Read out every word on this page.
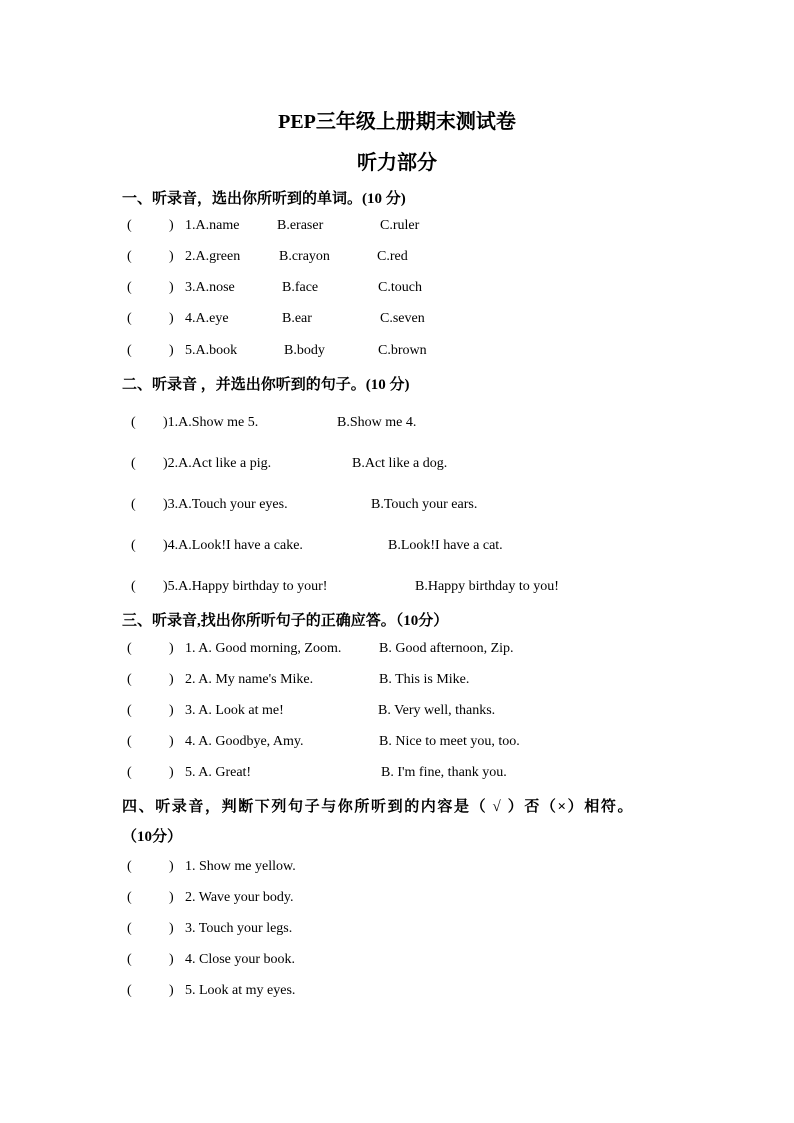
PEP三年级上册期末测试卷
听力部分
一、听录音，选出你所听到的单词。(10 分)
(	) 1.A.name	B.eraser	C.ruler
(	) 2.A.green	B.crayon	C.red
(	) 3.A.nose	B.face	C.touch
(	) 4.A.eye	B.ear	C.seven
(	) 5.A.book	B.body	C.brown
二、听录音 ，并选出你听到的句子。(10 分)
( )1.A.Show me 5.	B.Show me 4.
( )2.A.Act like a pig.	B.Act like a dog.
( )3.A.Touch your eyes.	B.Touch your ears.
( )4.A.Look!I have a cake.	B.Look!I have a cat.
( )5.A.Happy birthday to your!	B.Happy birthday to you!
三、听录音,找出你所听句子的正确应答。（10分）
(	) 1. A. Good morning, Zoom.	B. Good afternoon, Zip.
(	) 2. A. My name's Mike.	B. This is Mike.
(	) 3. A. Look at me!	B. Very well, thanks.
(	) 4. A. Goodbye, Amy.	B. Nice to meet you, too.
(	) 5. A. Great!	B. I'm fine, thank you.
四、听录音，判断下列句子与你所听到的内容是（ √ ）否（×）相符。
（10分）
(	) 1. Show me yellow.
(	) 2. Wave your body.
(	) 3. Touch your legs.
(	) 4. Close your book.
(	) 5. Look at my eyes.
